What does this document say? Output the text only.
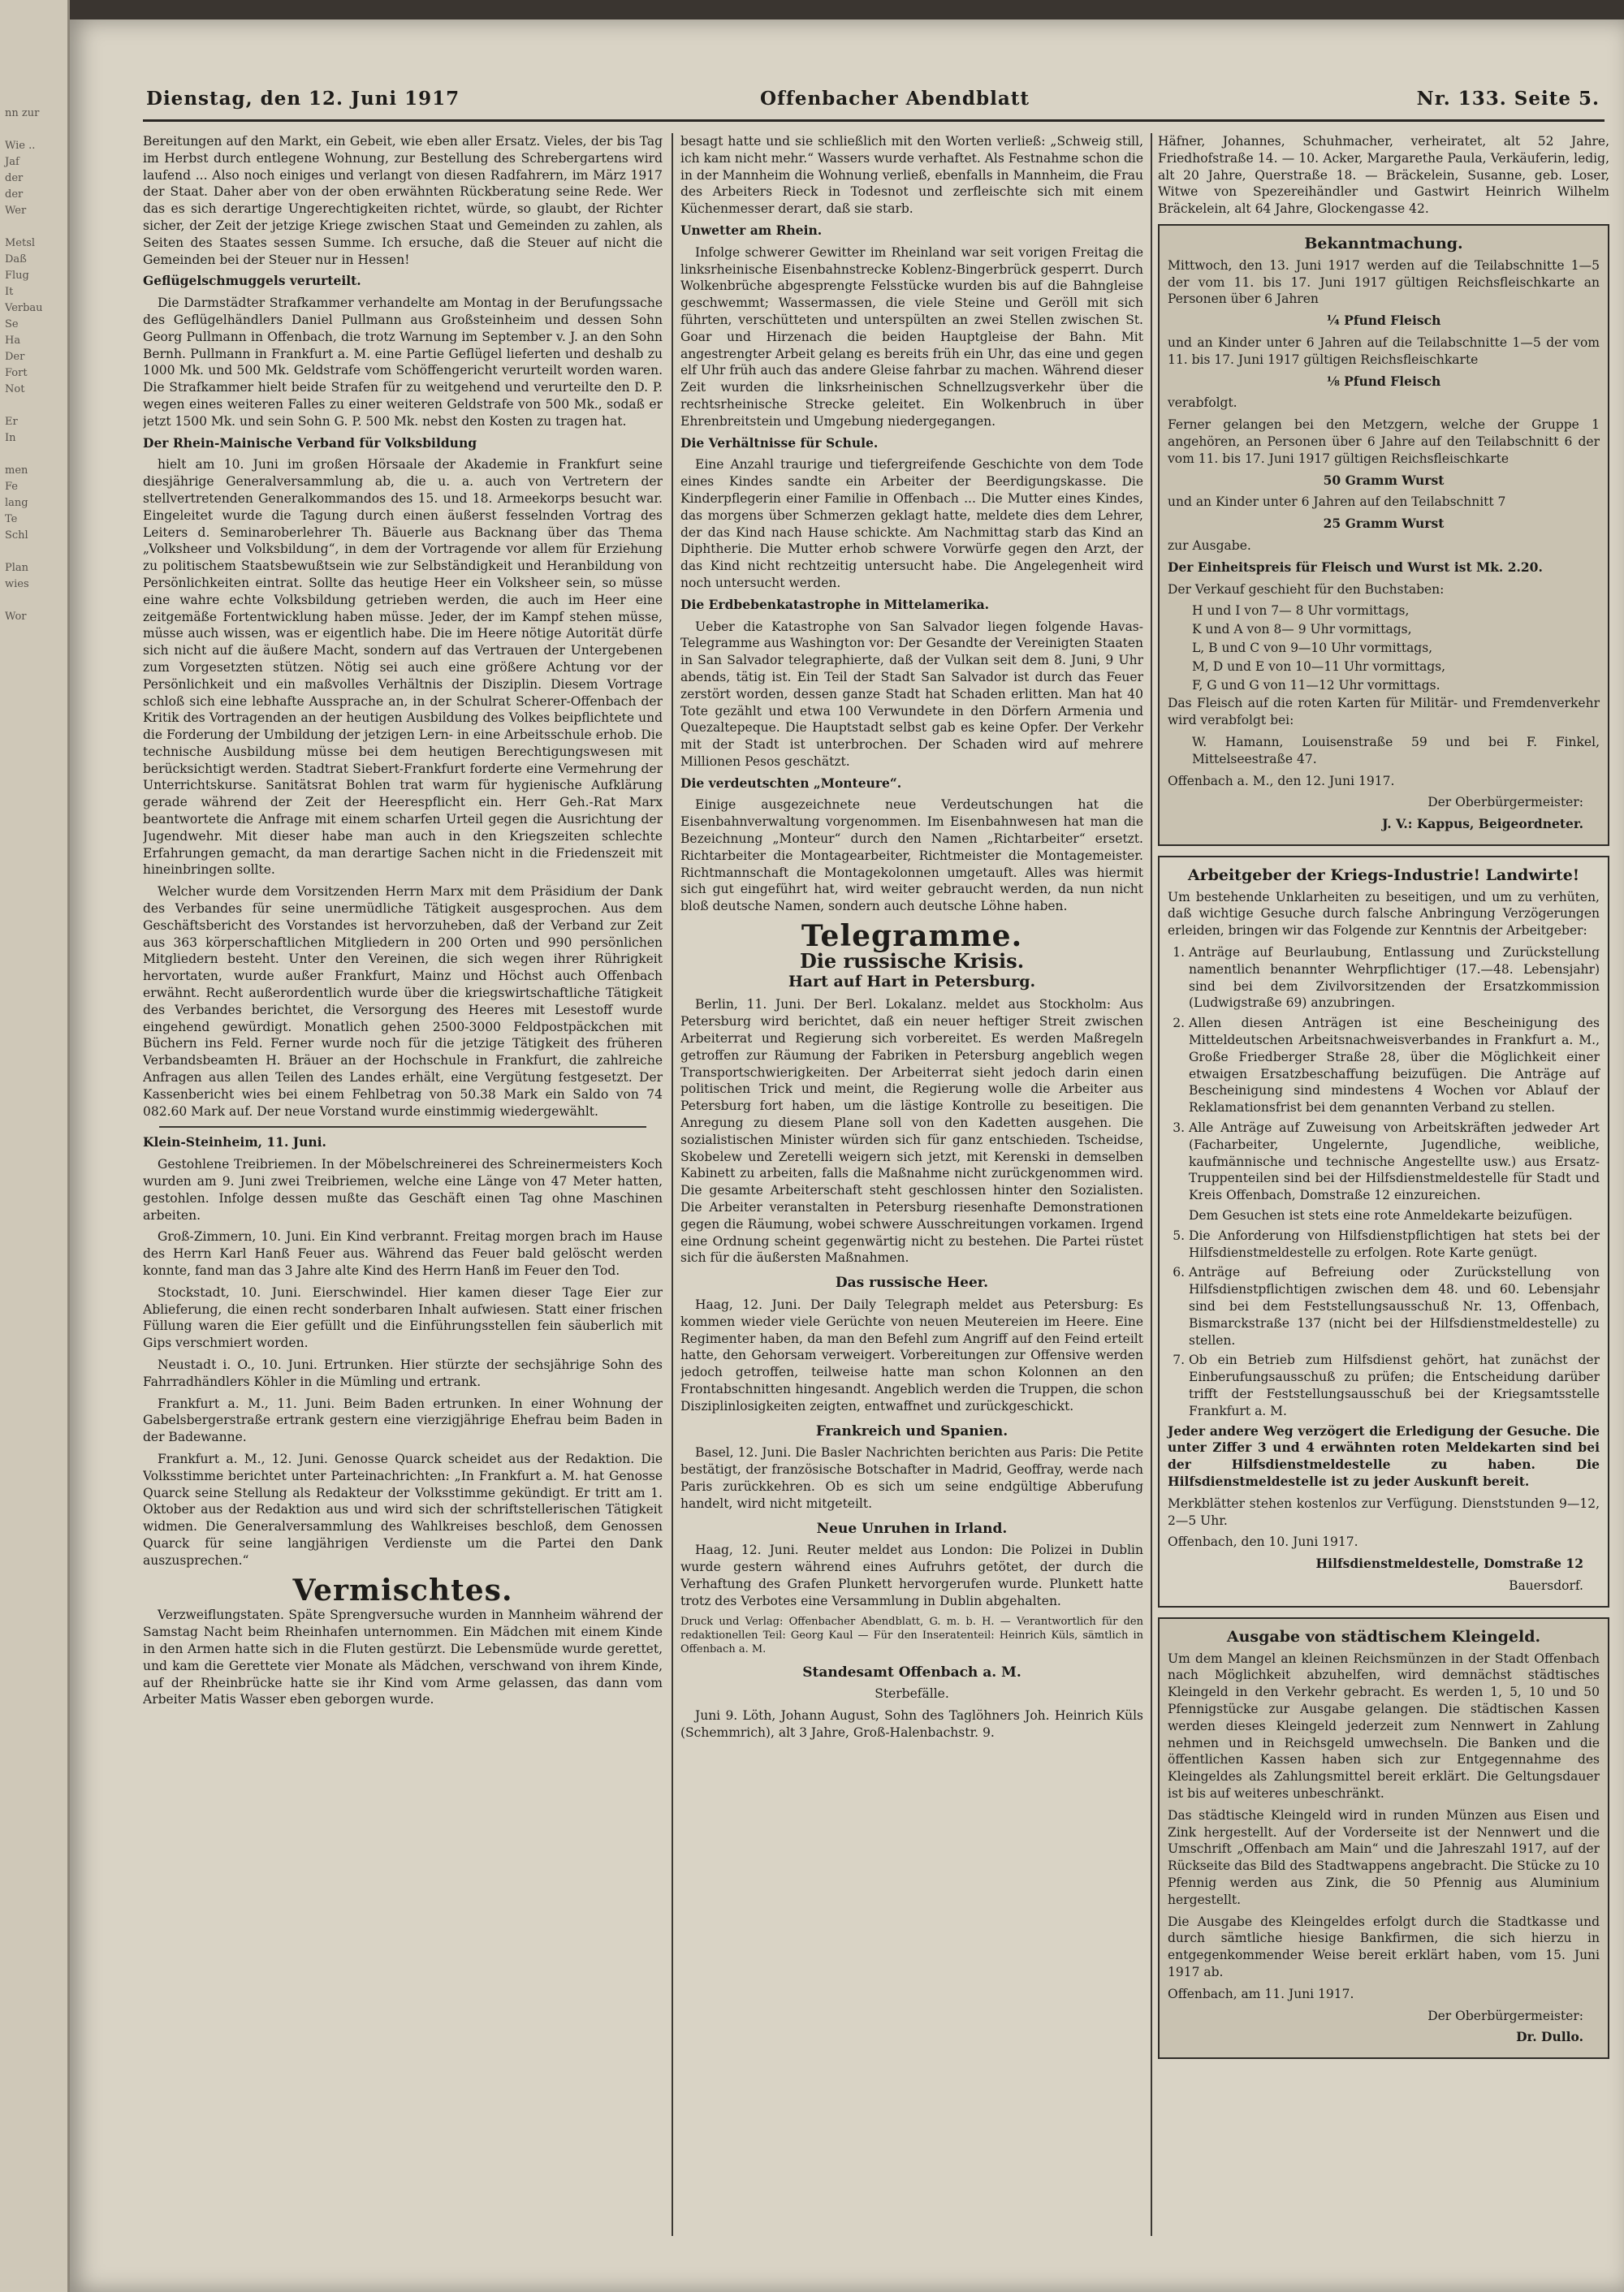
nn zur

Wie ..
Jaf
der
der
Wer

Metsl
Daß
Flug
It
Verbau
Se
Ha
Der
Fort
Not

Er
In

men
Fe
lang
Te
Schl

Plan
wies

Wor
Dienstag, den 12. Juni 1917	Offenbacher Abendblatt	Nr. 133. Seite 5.

Bereitungen auf den Markt, ein Gebeit, wie eben aller Ersatz. Vieles, der bis Tag im Herbst durch entlegene Wohnung, zur Bestellung des Schrebergartens wird laufend ... Also noch einiges und verlangt von diesen Radfahrern, im März 1917 der Staat. Daher aber von der oben erwähnten Rückberatung seine Rede. Wer das es sich derartige Ungerechtigkeiten richtet, würde, so glaubt, der Richter sicher, der Zeit der jetzige Kriege zwischen Staat und Gemeinden zu zahlen, als Seiten des Staates sessen Summe. Ich ersuche, daß die Steuer auf nicht die Gemeinden bei der Steuer nur in Hessen!

Geflügelschmuggels verurteilt.

Die Darmstädter Strafkammer verhandelte am Montag in der Berufungssache des Geflügelhändlers Daniel Pullmann aus Großsteinheim und dessen Sohn Georg Pullmann in Offenbach, die trotz Warnung im September v. J. an den Sohn Bernh. Pullmann in Frankfurt a. M. eine Partie Geflügel lieferten und deshalb zu 1000 Mk. und 500 Mk. Geldstrafe vom Schöffengericht verurteilt worden waren. Die Strafkammer hielt beide Strafen für zu weitgehend und verurteilte den D. P. wegen eines weiteren Falles zu einer weiteren Geldstrafe von 500 Mk., sodaß er jetzt 1500 Mk. und sein Sohn G. P. 500 Mk. nebst den Kosten zu tragen hat.

Der Rhein-Mainische Verband für Volksbildung

hielt am 10. Juni im großen Hörsaale der Akademie in Frankfurt seine diesjährige Generalversammlung ab, die u. a. auch von Vertretern der stellvertretenden Generalkommandos des 15. und 18. Armeekorps besucht war. Eingeleitet wurde die Tagung durch einen äußerst fesselnden Vortrag des Leiters d. Seminaroberlehrer Th. Bäuerle aus Backnang über das Thema „Volksheer und Volksbildung“, in dem der Vortragende vor allem für Erziehung zu politischem Staatsbewußtsein wie zur Selbständigkeit und Heranbildung von Persönlichkeiten eintrat. Sollte das heutige Heer ein Volksheer sein, so müsse eine wahre echte Volksbildung getrieben werden, die auch im Heer eine zeitgemäße Fortentwicklung haben müsse. Jeder, der im Kampf stehen müsse, müsse auch wissen, was er eigentlich habe. Die im Heere nötige Autorität dürfe sich nicht auf die äußere Macht, sondern auf das Vertrauen der Untergebenen zum Vorgesetzten stützen. Nötig sei auch eine größere Achtung vor der Persönlichkeit und ein maßvolles Verhältnis der Disziplin. Diesem Vortrage schloß sich eine lebhafte Aussprache an, in der Schulrat Scherer-Offenbach der Kritik des Vortragenden an der heutigen Ausbildung des Volkes beipflichtete und die Forderung der Umbildung der jetzigen Lern- in eine Arbeitsschule erhob. Die technische Ausbildung müsse bei dem heutigen Berechtigungswesen mit berücksichtigt werden. Stadtrat Siebert-Frankfurt forderte eine Vermehrung der Unterrichtskurse. Sanitätsrat Bohlen trat warm für hygienische Aufklärung gerade während der Zeit der Heerespflicht ein. Herr Geh.-Rat Marx beantwortete die Anfrage mit einem scharfen Urteil gegen die Ausrichtung der Jugendwehr. Mit dieser habe man auch in den Kriegszeiten schlechte Erfahrungen gemacht, da man derartige Sachen nicht in die Friedenszeit mit hineinbringen sollte.

Welcher wurde dem Vorsitzenden Herrn Marx mit dem Präsidium der Dank des Verbandes für seine unermüdliche Tätigkeit ausgesprochen. Aus dem Geschäftsbericht des Vorstandes ist hervorzuheben, daß der Verband zur Zeit aus 363 körperschaftlichen Mitgliedern in 200 Orten und 990 persönlichen Mitgliedern besteht. Unter den Vereinen, die sich wegen ihrer Rührigkeit hervortaten, wurde außer Frankfurt, Mainz und Höchst auch Offenbach erwähnt. Recht außerordentlich wurde über die kriegswirtschaftliche Tätigkeit des Verbandes berichtet, die Versorgung des Heeres mit Lesestoff wurde eingehend gewürdigt. Monatlich gehen 2500-3000 Feldpostpäckchen mit Büchern ins Feld. Ferner wurde noch für die jetzige Tätigkeit des früheren Verbandsbeamten H. Bräuer an der Hochschule in Frankfurt, die zahlreiche Anfragen aus allen Teilen des Landes erhält, eine Vergütung festgesetzt. Der Kassenbericht wies bei einem Fehlbetrag von 50.38 Mark ein Saldo von 74 082.60 Mark auf. Der neue Vorstand wurde einstimmig wiedergewählt.

Klein-Steinheim, 11. Juni.

Gestohlene Treibriemen. In der Möbelschreinerei des Schreinermeisters Koch wurden am 9. Juni zwei Treibriemen, welche eine Länge von 47 Meter hatten, gestohlen. Infolge dessen mußte das Geschäft einen Tag ohne Maschinen arbeiten.

Groß-Zimmern, 10. Juni. Ein Kind verbrannt. Freitag morgen brach im Hause des Herrn Karl Hanß Feuer aus. Während das Feuer bald gelöscht werden konnte, fand man das 3 Jahre alte Kind des Herrn Hanß im Feuer den Tod.

Stockstadt, 10. Juni. Eierschwindel. Hier kamen dieser Tage Eier zur Ablieferung, die einen recht sonderbaren Inhalt aufwiesen. Statt einer frischen Füllung waren die Eier gefüllt und die Einführungsstellen fein säuberlich mit Gips verschmiert worden.

Neustadt i. O., 10. Juni. Ertrunken. Hier stürzte der sechsjährige Sohn des Fahrradhändlers Köhler in die Mümling und ertrank.

Frankfurt a. M., 11. Juni. Beim Baden ertrunken. In einer Wohnung der Gabelsbergerstraße ertrank gestern eine vierzigjährige Ehefrau beim Baden in der Badewanne.

Frankfurt a. M., 12. Juni. Genosse Quarck scheidet aus der Redaktion. Die Volksstimme berichtet unter Parteinachrichten: „In Frankfurt a. M. hat Genosse Quarck seine Stellung als Redakteur der Volksstimme gekündigt. Er tritt am 1. Oktober aus der Redaktion aus und wird sich der schriftstellerischen Tätigkeit widmen. Die Generalversammlung des Wahlkreises beschloß, dem Genossen Quarck für seine langjährigen Verdienste um die Partei den Dank auszusprechen.“

Vermischtes.

Verzweiflungstaten. Späte Sprengversuche wurden in Mannheim während der Samstag Nacht beim Rheinhafen unternommen. Ein Mädchen mit einem Kinde in den Armen hatte sich in die Fluten gestürzt. Die Lebensmüde wurde gerettet, und kam die Gerettete vier Monate als Mädchen, verschwand von ihrem Kinde, auf der Rheinbrücke hatte sie ihr Kind vom Arme gelassen, das dann vom Arbeiter Matis Wasser eben geborgen wurde.

besagt hatte und sie schließlich mit den Worten verließ: „Schweig still, ich kam nicht mehr.“ Wassers wurde verhaftet. Als Festnahme schon die in der Mannheim die Wohnung verließ, ebenfalls in Mannheim, die Frau des Arbeiters Rieck in Todesnot und zerfleischte sich mit einem Küchenmesser derart, daß sie starb.

Unwetter am Rhein.

Infolge schwerer Gewitter im Rheinland war seit vorigen Freitag die linksrheinische Eisenbahnstrecke Koblenz-Bingerbrück gesperrt. Durch Wolkenbrüche abgesprengte Felsstücke wurden bis auf die Bahngleise geschwemmt; Wassermassen, die viele Steine und Geröll mit sich führten, verschütteten und unterspülten an zwei Stellen zwischen St. Goar und Hirzenach die beiden Hauptgleise der Bahn. Mit angestrengter Arbeit gelang es bereits früh ein Uhr, das eine und gegen elf Uhr früh auch das andere Gleise fahrbar zu machen. Während dieser Zeit wurden die linksrheinischen Schnellzugsverkehr über die rechtsrheinische Strecke geleitet. Ein Wolkenbruch in über Ehrenbreitstein und Umgebung niedergegangen.

Die Verhältnisse für Schule.

Eine Anzahl traurige und tiefergreifende Geschichte von dem Tode eines Kindes sandte ein Arbeiter der Beerdigungskasse. Die Kinderpflegerin einer Familie in Offenbach ... Die Mutter eines Kindes, das morgens über Schmerzen geklagt hatte, meldete dies dem Lehrer, der das Kind nach Hause schickte. Am Nachmittag starb das Kind an Diphtherie. Die Mutter erhob schwere Vorwürfe gegen den Arzt, der das Kind nicht rechtzeitig untersucht habe. Die Angelegenheit wird noch untersucht werden.

Die Erdbebenkatastrophe in Mittelamerika.

Ueber die Katastrophe von San Salvador liegen folgende Havas-Telegramme aus Washington vor: Der Gesandte der Vereinigten Staaten in San Salvador telegraphierte, daß der Vulkan seit dem 8. Juni, 9 Uhr abends, tätig ist. Ein Teil der Stadt San Salvador ist durch das Feuer zerstört worden, dessen ganze Stadt hat Schaden erlitten. Man hat 40 Tote gezählt und etwa 100 Verwundete in den Dörfern Armenia und Quezaltepeque. Die Hauptstadt selbst gab es keine Opfer. Der Verkehr mit der Stadt ist unterbrochen. Der Schaden wird auf mehrere Millionen Pesos geschätzt.

Die verdeutschten „Monteure“.

Einige ausgezeichnete neue Verdeutschungen hat die Eisenbahnverwaltung vorgenommen. Im Eisenbahnwesen hat man die Bezeichnung „Monteur“ durch den Namen „Richtarbeiter“ ersetzt. Richtarbeiter die Montagearbeiter, Richtmeister die Montagemeister. Richtmannschaft die Montagekolonnen umgetauft. Alles was hiermit sich gut eingeführt hat, wird weiter gebraucht werden, da nun nicht bloß deutsche Namen, sondern auch deutsche Löhne haben.

Telegramme.
Die russische Krisis.
Hart auf Hart in Petersburg.

Berlin, 11. Juni. Der Berl. Lokalanz. meldet aus Stockholm: Aus Petersburg wird berichtet, daß ein neuer heftiger Streit zwischen Arbeiterrat und Regierung sich vorbereitet. Es werden Maßregeln getroffen zur Räumung der Fabriken in Petersburg angeblich wegen Transportschwierigkeiten. Der Arbeiterrat sieht jedoch darin einen politischen Trick und meint, die Regierung wolle die Arbeiter aus Petersburg fort haben, um die lästige Kontrolle zu beseitigen. Die Anregung zu diesem Plane soll von den Kadetten ausgehen. Die sozialistischen Minister würden sich für ganz entschieden. Tscheidse, Skobelew und Zeretelli weigern sich jetzt, mit Kerenski in demselben Kabinett zu arbeiten, falls die Maßnahme nicht zurückgenommen wird. Die gesamte Arbeiterschaft steht geschlossen hinter den Sozialisten. Die Arbeiter veranstalten in Petersburg riesenhafte Demonstrationen gegen die Räumung, wobei schwere Ausschreitungen vorkamen. Irgend eine Ordnung scheint gegenwärtig nicht zu bestehen. Die Partei rüstet sich für die äußersten Maßnahmen.

Das russische Heer.

Haag, 12. Juni. Der Daily Telegraph meldet aus Petersburg: Es kommen wieder viele Gerüchte von neuen Meutereien im Heere. Eine Regimenter haben, da man den Befehl zum Angriff auf den Feind erteilt hatte, den Gehorsam verweigert. Vorbereitungen zur Offensive werden jedoch getroffen, teilweise hatte man schon Kolonnen an den Frontabschnitten hingesandt. Angeblich werden die Truppen, die schon Disziplinlosigkeiten zeigten, entwaffnet und zurückgeschickt.

Frankreich und Spanien.

Basel, 12. Juni. Die Basler Nachrichten berichten aus Paris: Die Petite bestätigt, der französische Botschafter in Madrid, Geoffray, werde nach Paris zurückkehren. Ob es sich um seine endgültige Abberufung handelt, wird nicht mitgeteilt.

Neue Unruhen in Irland.

Haag, 12. Juni. Reuter meldet aus London: Die Polizei in Dublin wurde gestern während eines Aufruhrs getötet, der durch die Verhaftung des Grafen Plunkett hervorgerufen wurde. Plunkett hatte trotz des Verbotes eine Versammlung in Dublin abgehalten.

Druck und Verlag: Offenbacher Abendblatt, G. m. b. H. — Verantwortlich für den redaktionellen Teil: Georg Kaul — Für den Inseratenteil: Heinrich Küls, sämtlich in Offenbach a. M.

Standesamt Offenbach a. M.

Sterbefälle.

Juni 9. Löth, Johann August, Sohn des Taglöhners Joh. Heinrich Küls (Schemmrich), alt 3 Jahre, Groß-Halenbachstr. 9.

Häfner, Johannes, Schuhmacher, verheiratet, alt 52 Jahre, Friedhofstraße 14. — 10. Acker, Margarethe Paula, Verkäuferin, ledig, alt 20 Jahre, Querstraße 18. — Bräckelein, Susanne, geb. Loser, Witwe von Spezereihändler und Gastwirt Heinrich Wilhelm Bräckelein, alt 64 Jahre, Glockengasse 42.

Bekanntmachung.

Mittwoch, den 13. Juni 1917 werden auf die Teilabschnitte 1—5 der vom 11. bis 17. Juni 1917 gültigen Reichsfleischkarte an Personen über 6 Jahren

¼ Pfund Fleisch

und an Kinder unter 6 Jahren auf die Teilabschnitte 1—5 der vom 11. bis 17. Juni 1917 gültigen Reichsfleischkarte

⅛ Pfund Fleisch

verabfolgt.

Ferner gelangen bei den Metzgern, welche der Gruppe 1 angehören, an Personen über 6 Jahre auf den Teilabschnitt 6 der vom 11. bis 17. Juni 1917 gültigen Reichsfleischkarte

50 Gramm Wurst

und an Kinder unter 6 Jahren auf den Teilabschnitt 7

25 Gramm Wurst

zur Ausgabe.

Der Einheitspreis für Fleisch und Wurst ist Mk. 2.20.

Der Verkauf geschieht für den Buchstaben:

H und I von 7— 8 Uhr vormittags,

K und A von 8— 9 Uhr vormittags,

L, B und C von 9—10 Uhr vormittags,

M, D und E von 10—11 Uhr vormittags,

F, G und G von 11—12 Uhr vormittags.

Das Fleisch auf die roten Karten für Militär- und Fremdenverkehr wird verabfolgt bei:

W. Hamann, Louisenstraße 59 und bei F. Finkel, Mittelseestraße 47.

Offenbach a. M., den 12. Juni 1917.

Der Oberbürgermeister:

J. V.: Kappus, Beigeordneter.

Arbeitgeber der Kriegs-Industrie! Landwirte!

Um bestehende Unklarheiten zu beseitigen, und um zu verhüten, daß wichtige Gesuche durch falsche Anbringung Verzögerungen erleiden, bringen wir das Folgende zur Kenntnis der Arbeitgeber:

1. Anträge auf Beurlaubung, Entlassung und Zurückstellung namentlich benannter Wehrpflichtiger (17.—48. Lebensjahr) sind bei dem Zivilvorsitzenden der Ersatzkommission (Ludwigstraße 69) anzubringen.
2. Allen diesen Anträgen ist eine Bescheinigung des Mitteldeutschen Arbeitsnachweisverbandes in Frankfurt a. M., Große Friedberger Straße 28, über die Möglichkeit einer etwaigen Ersatzbeschaffung beizufügen. Die Anträge auf Bescheinigung sind mindestens 4 Wochen vor Ablauf der Reklamationsfrist bei dem genannten Verband zu stellen.
3. Alle Anträge auf Zuweisung von Arbeitskräften jedweder Art (Facharbeiter, Ungelernte, Jugendliche, weibliche, kaufmännische und technische Angestellte usw.) aus Ersatz-Truppenteilen sind bei der Hilfsdienstmeldestelle für Stadt und Kreis Offenbach, Domstraße 12 einzureichen.
Dem Gesuchen ist stets eine rote Anmeldekarte beizufügen.
5. Die Anforderung von Hilfsdienstpflichtigen hat stets bei der Hilfsdienstmeldestelle zu erfolgen. Rote Karte genügt.
6. Anträge auf Befreiung oder Zurückstellung von Hilfsdienstpflichtigen zwischen dem 48. und 60. Lebensjahr sind bei dem Feststellungsausschuß Nr. 13, Offenbach, Bismarckstraße 137 (nicht bei der Hilfsdienstmeldestelle) zu stellen.
7. Ob ein Betrieb zum Hilfsdienst gehört, hat zunächst der Einberufungsausschuß zu prüfen; die Entscheidung darüber trifft der Feststellungsausschuß bei der Kriegsamtsstelle Frankfurt a. M.

Jeder andere Weg verzögert die Erledigung der Gesuche. Die unter Ziffer 3 und 4 erwähnten roten Meldekarten sind bei der Hilfsdienstmeldestelle zu haben. Die Hilfsdienstmeldestelle ist zu jeder Auskunft bereit.

Merkblätter stehen kostenlos zur Verfügung. Dienststunden 9—12, 2—5 Uhr.

Offenbach, den 10. Juni 1917.

Hilfsdienstmeldestelle, Domstraße 12

Bauersdorf.

Ausgabe von städtischem Kleingeld.

Um dem Mangel an kleinen Reichsmünzen in der Stadt Offenbach nach Möglichkeit abzuhelfen, wird demnächst städtisches Kleingeld in den Verkehr gebracht. Es werden 1, 5, 10 und 50 Pfennigstücke zur Ausgabe gelangen. Die städtischen Kassen werden dieses Kleingeld jederzeit zum Nennwert in Zahlung nehmen und in Reichsgeld umwechseln. Die Banken und die öffentlichen Kassen haben sich zur Entgegennahme des Kleingeldes als Zahlungsmittel bereit erklärt. Die Geltungsdauer ist bis auf weiteres unbeschränkt.

Das städtische Kleingeld wird in runden Münzen aus Eisen und Zink hergestellt. Auf der Vorderseite ist der Nennwert und die Umschrift „Offenbach am Main“ und die Jahreszahl 1917, auf der Rückseite das Bild des Stadtwappens angebracht. Die Stücke zu 10 Pfennig werden aus Zink, die 50 Pfennig aus Aluminium hergestellt.

Die Ausgabe des Kleingeldes erfolgt durch die Stadtkasse und durch sämtliche hiesige Bankfirmen, die sich hierzu in entgegenkommender Weise bereit erklärt haben, vom 15. Juni 1917 ab.

Offenbach, am 11. Juni 1917.

Der Oberbürgermeister:

Dr. Dullo.
